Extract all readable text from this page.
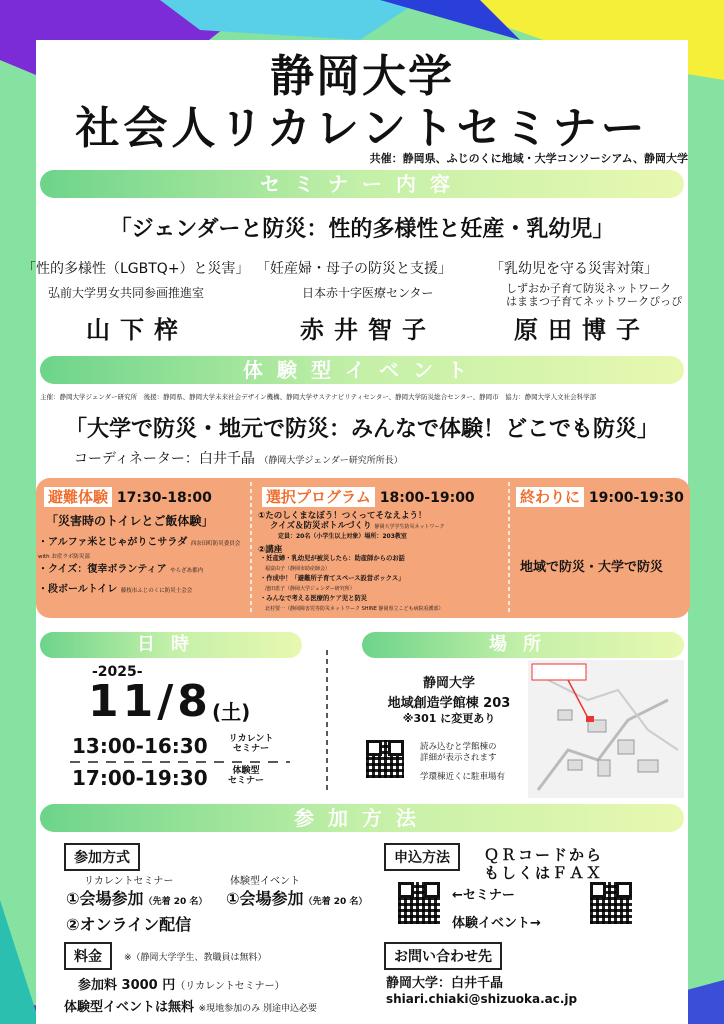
静岡大学
社会人リカレントセミナー
共催：静岡県、ふじのくに地域・大学コンソーシアム、静岡大学
セミナー内容
「ジェンダーと防災：性的多様性と妊産・乳幼児」
「性的多様性（LGBTQ+）と災害」 「妊産婦・母子の防災と支援」	「乳幼児を守る災害対策」
弘前大学男女共同参画推進室	日本赤十字医療センター	しずおか子育て防災ネットワーク
はままつ子育てネットワークぴっぴ
山下梓	赤井智子	原田博子
体験型イベント
主催：静岡大学ジェンダー研究所　後援：静岡県、静岡大学未来社会デザイン機構、静岡大学サステナビリティセンター、静岡大学防災総合センター、静岡市　協力：静岡大学人文社会科学部
「大学で防災・地元で防災：みんなで体験！どこでも防災」
コーディネーター：白井千晶 （静岡大学ジェンダー研究所所長）
避難体験 17:30-18:00
「災害時のトイレとご飯体験」
・アルファ米とじゃがりこサラダ 西奈田町防災委員会 with お産ラボ防災部
・クイズ：復幸ボランティア やらざあ都内
・段ボールトイレ 藤枝市ふじのくに防災士会会
選択プログラム 18:00-19:00
①たのしくまなぼう！つくってそなえよう！
クイズ＆防災ボトルづくり 静岡大学学生防災ネットワーク
定員：20名（小学生以上対象）場所：203教室
②講座
・妊産婦・乳幼児が被災したら：助産師からのお話
　福富由子（静岡市助産師会）
・作成中！「避難所子育てスペース設営ボックス」
　池田恵子（静岡大学ジェンダー研究所）
・みんなで考える医療的ケア児と防災
　北村要一（静岡障害児等防災ネットワーク SHINE 静岡県立こども病院看護部）
終わりに 19:00-19:30
地域で防災・大学で防災
日時	場所
-2025-
11/8 (土)
13:00-16:30 リカレント セミナー
17:00-19:30	体験型 セミナー
静岡大学
地域創造学館棟 203
※301 に変更あり
読み込むと学館棟の
詳細が表示されます
学環棟近くに駐車場有
参加方法
参加方式
リカレントセミナー
①会場参加（先着 20 名）
②オンライン配信
体験型イベント
①会場参加（先着 20 名）
料金	※（静岡大学学生、教職員は無料）
参加料 3000 円（リカレントセミナー）
体験型イベントは無料 ※現地参加のみ 別途申込必要
申込方法	ＱＲコードから
もしくはＦＡＸ
←セミナー
体験イベント→
お問い合わせ先
静岡大学：白井千晶
shiari.chiaki@shizuoka.ac.jp
